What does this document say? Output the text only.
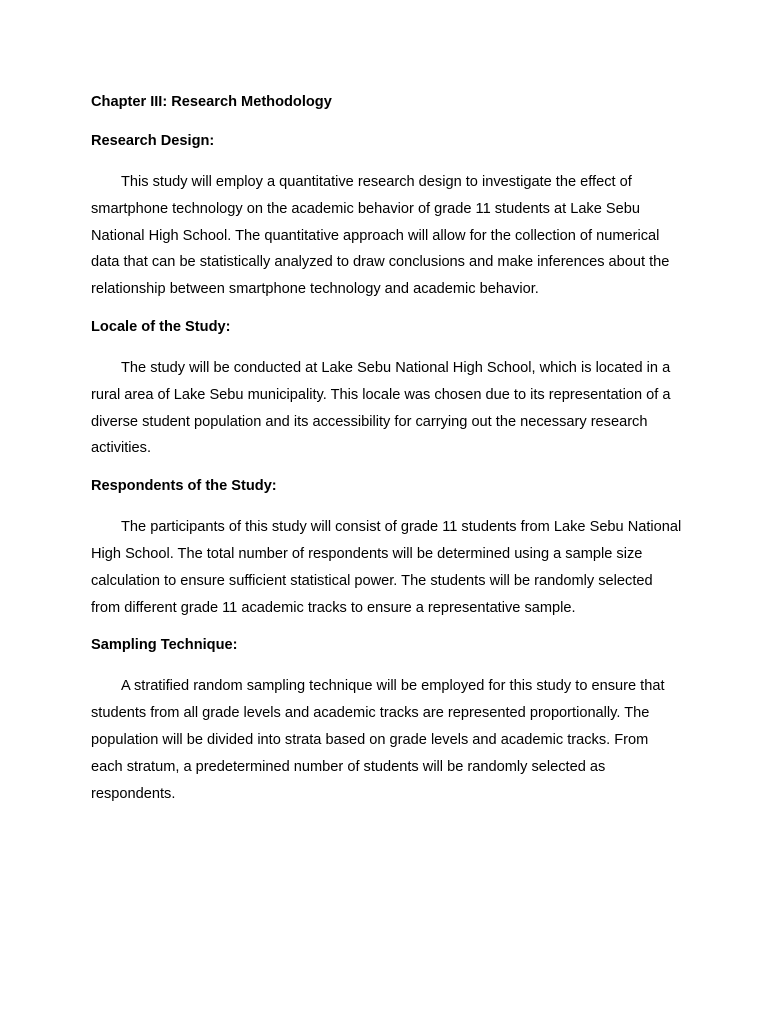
Chapter III: Research Methodology

Research Design:

This study will employ a quantitative research design to investigate the effect of smartphone technology on the academic behavior of grade 11 students at Lake Sebu National High School. The quantitative approach will allow for the collection of numerical data that can be statistically analyzed to draw conclusions and make inferences about the relationship between smartphone technology and academic behavior.

Locale of the Study:

The study will be conducted at Lake Sebu National High School, which is located in a rural area of Lake Sebu municipality. This locale was chosen due to its representation of a diverse student population and its accessibility for carrying out the necessary research activities.

Respondents of the Study:

The participants of this study will consist of grade 11 students from Lake Sebu National High School. The total number of respondents will be determined using a sample size calculation to ensure sufficient statistical power. The students will be randomly selected from different grade 11 academic tracks to ensure a representative sample.

Sampling Technique:

A stratified random sampling technique will be employed for this study to ensure that students from all grade levels and academic tracks are represented proportionally. The population will be divided into strata based on grade levels and academic tracks. From each stratum, a predetermined number of students will be randomly selected as respondents.
